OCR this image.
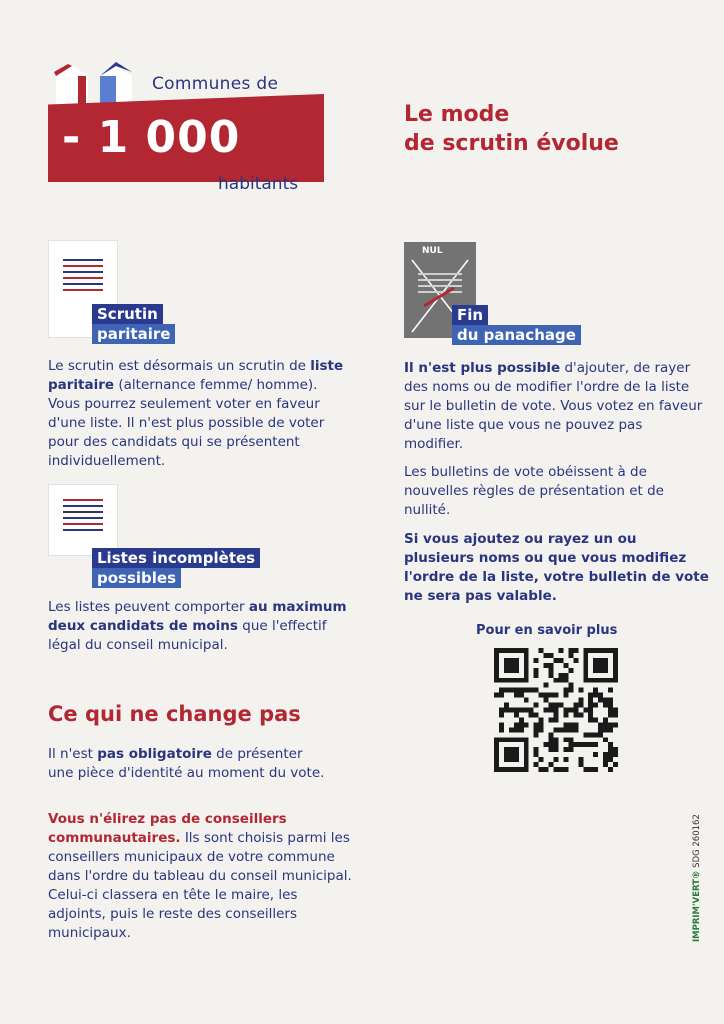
Communes de
- 1 000
habitants
Le mode
de scrutin évolue
Scrutin
paritaire
Le scrutin est désormais un scrutin de liste paritaire (alternance femme/ homme). Vous pourrez seulement voter en faveur d'une liste. Il n'est plus possible de voter pour des candidats qui se présentent individuellement.
Listes incomplètes
possibles
Les listes peuvent comporter au maximum deux candidats de moins que l'effectif légal du conseil municipal.
Ce qui ne change pas
Il n'est pas obligatoire de présenter une pièce d'identité au moment du vote.
Vous n'élirez pas de conseillers communautaires. Ils sont choisis parmi les conseillers municipaux de votre commune dans l'ordre du tableau du conseil municipal. Celui-ci classera en tête le maire, les adjoints, puis le reste des conseillers municipaux.
NUL
Fin
du panachage
Il n'est plus possible d'ajouter, de rayer des noms ou de modifier l'ordre de la liste sur le bulletin de vote. Vous votez en faveur d'une liste que vous ne pouvez pas modifier.
Les bulletins de vote obéissent à de nouvelles règles de présentation et de nullité.
Si vous ajoutez ou rayez un ou plusieurs noms ou que vous modifiez l'ordre de la liste, votre bulletin de vote ne sera pas valable.
Pour en savoir plus
IMPRIM'VERT® SDG 260162
